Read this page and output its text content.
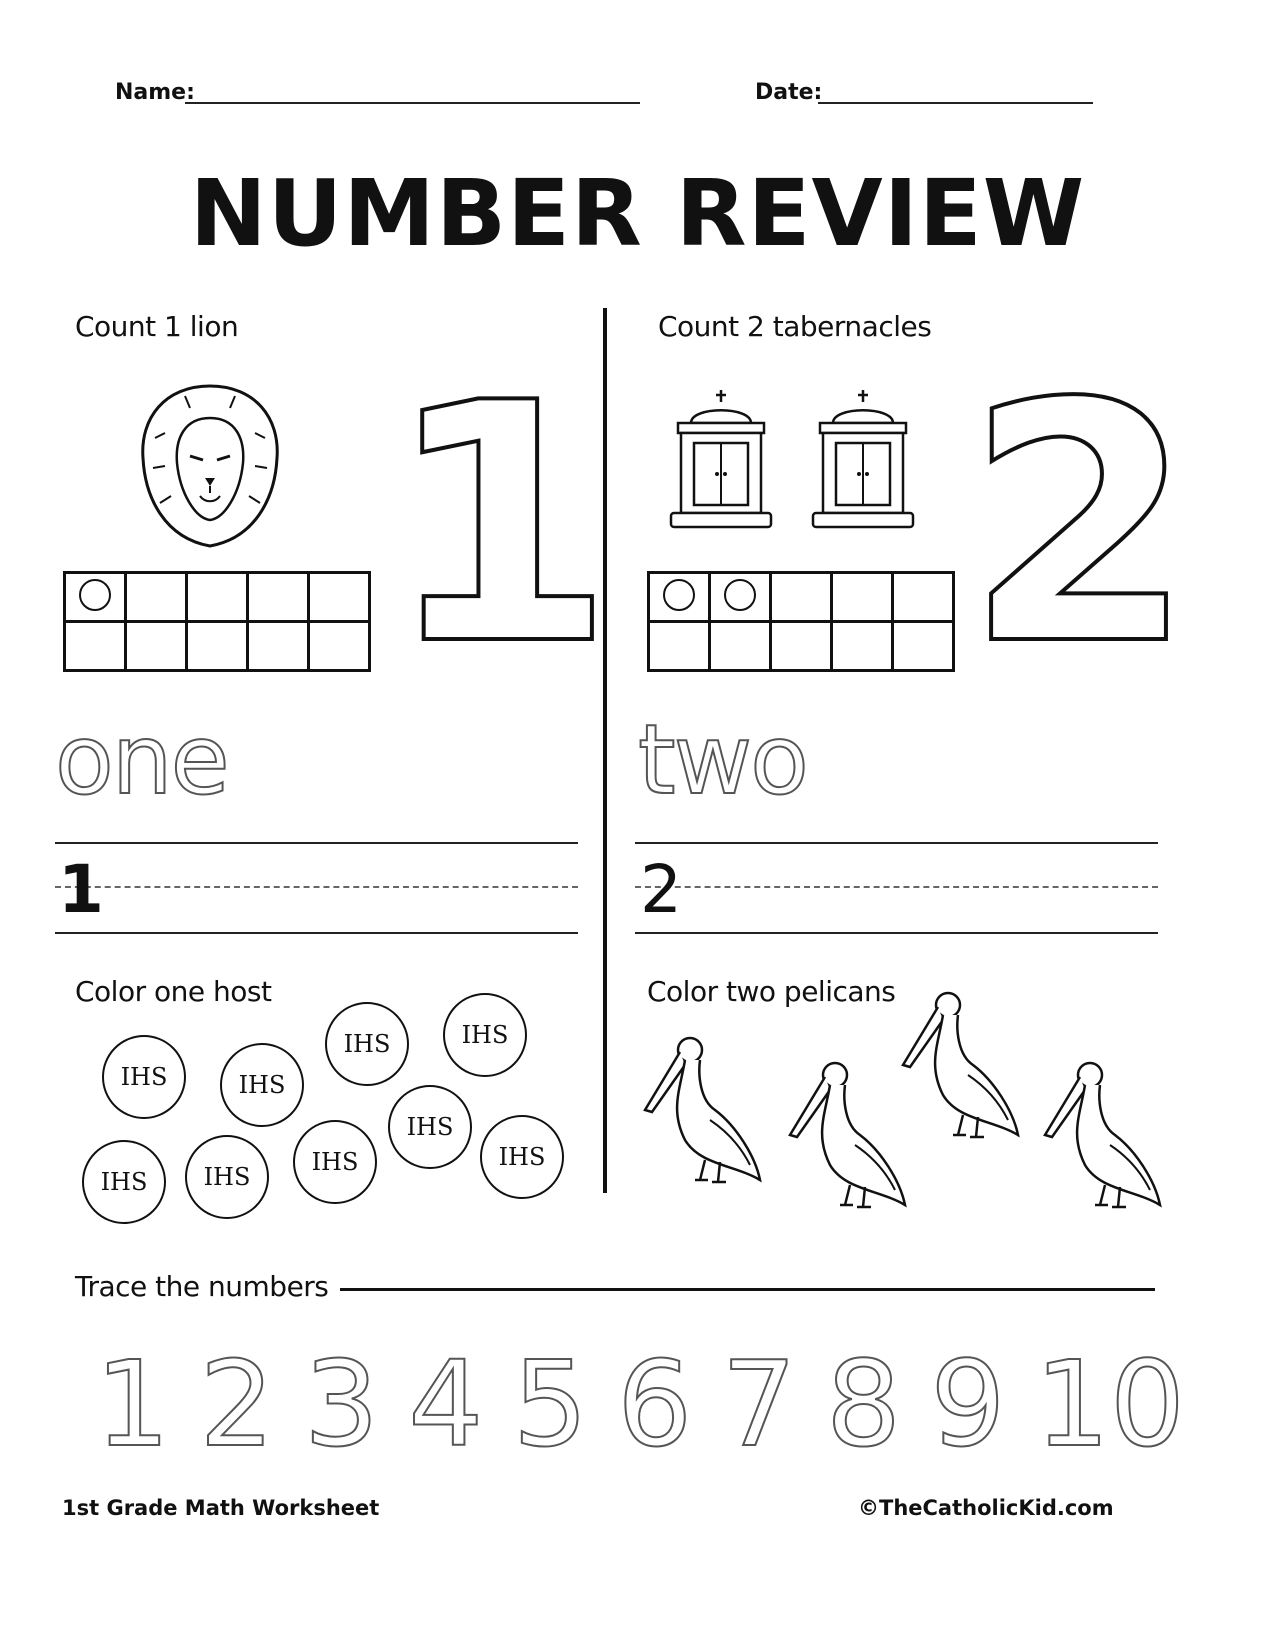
Name:	Date:
NUMBER REVIEW
Count 1 lion

1
one
1
Color one host
IHS	IHS
IHS	IHS
IHS	IHS
IHS
IHS
IHS
Count 2 tabernacles

2
two
2
Color two pelicans
Trace the numbers
1 2 3 4 5 6 7 8 9 10
1st Grade Math Worksheet	©TheCatholicKid.com
